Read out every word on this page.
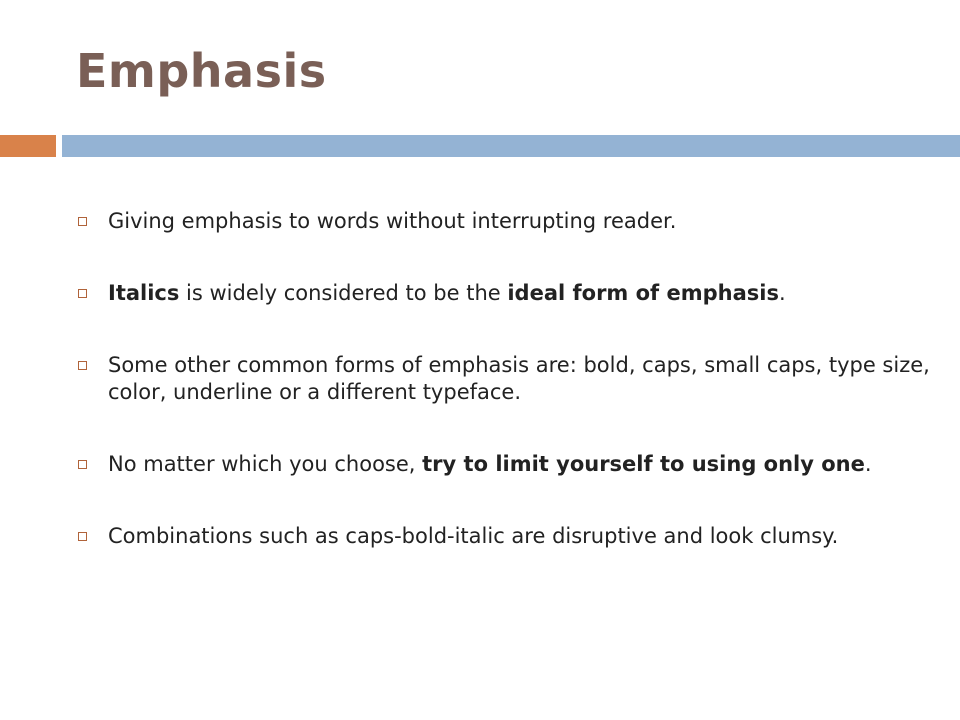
Emphasis
Giving emphasis to words without interrupting reader.
Italics is widely considered to be the ideal form of emphasis.
Some other common forms of emphasis are: bold, caps, small caps, type size, color, underline or a different typeface.
No matter which you choose, try to limit yourself to using only one.
Combinations such as caps-bold-italic are disruptive and look clumsy.
